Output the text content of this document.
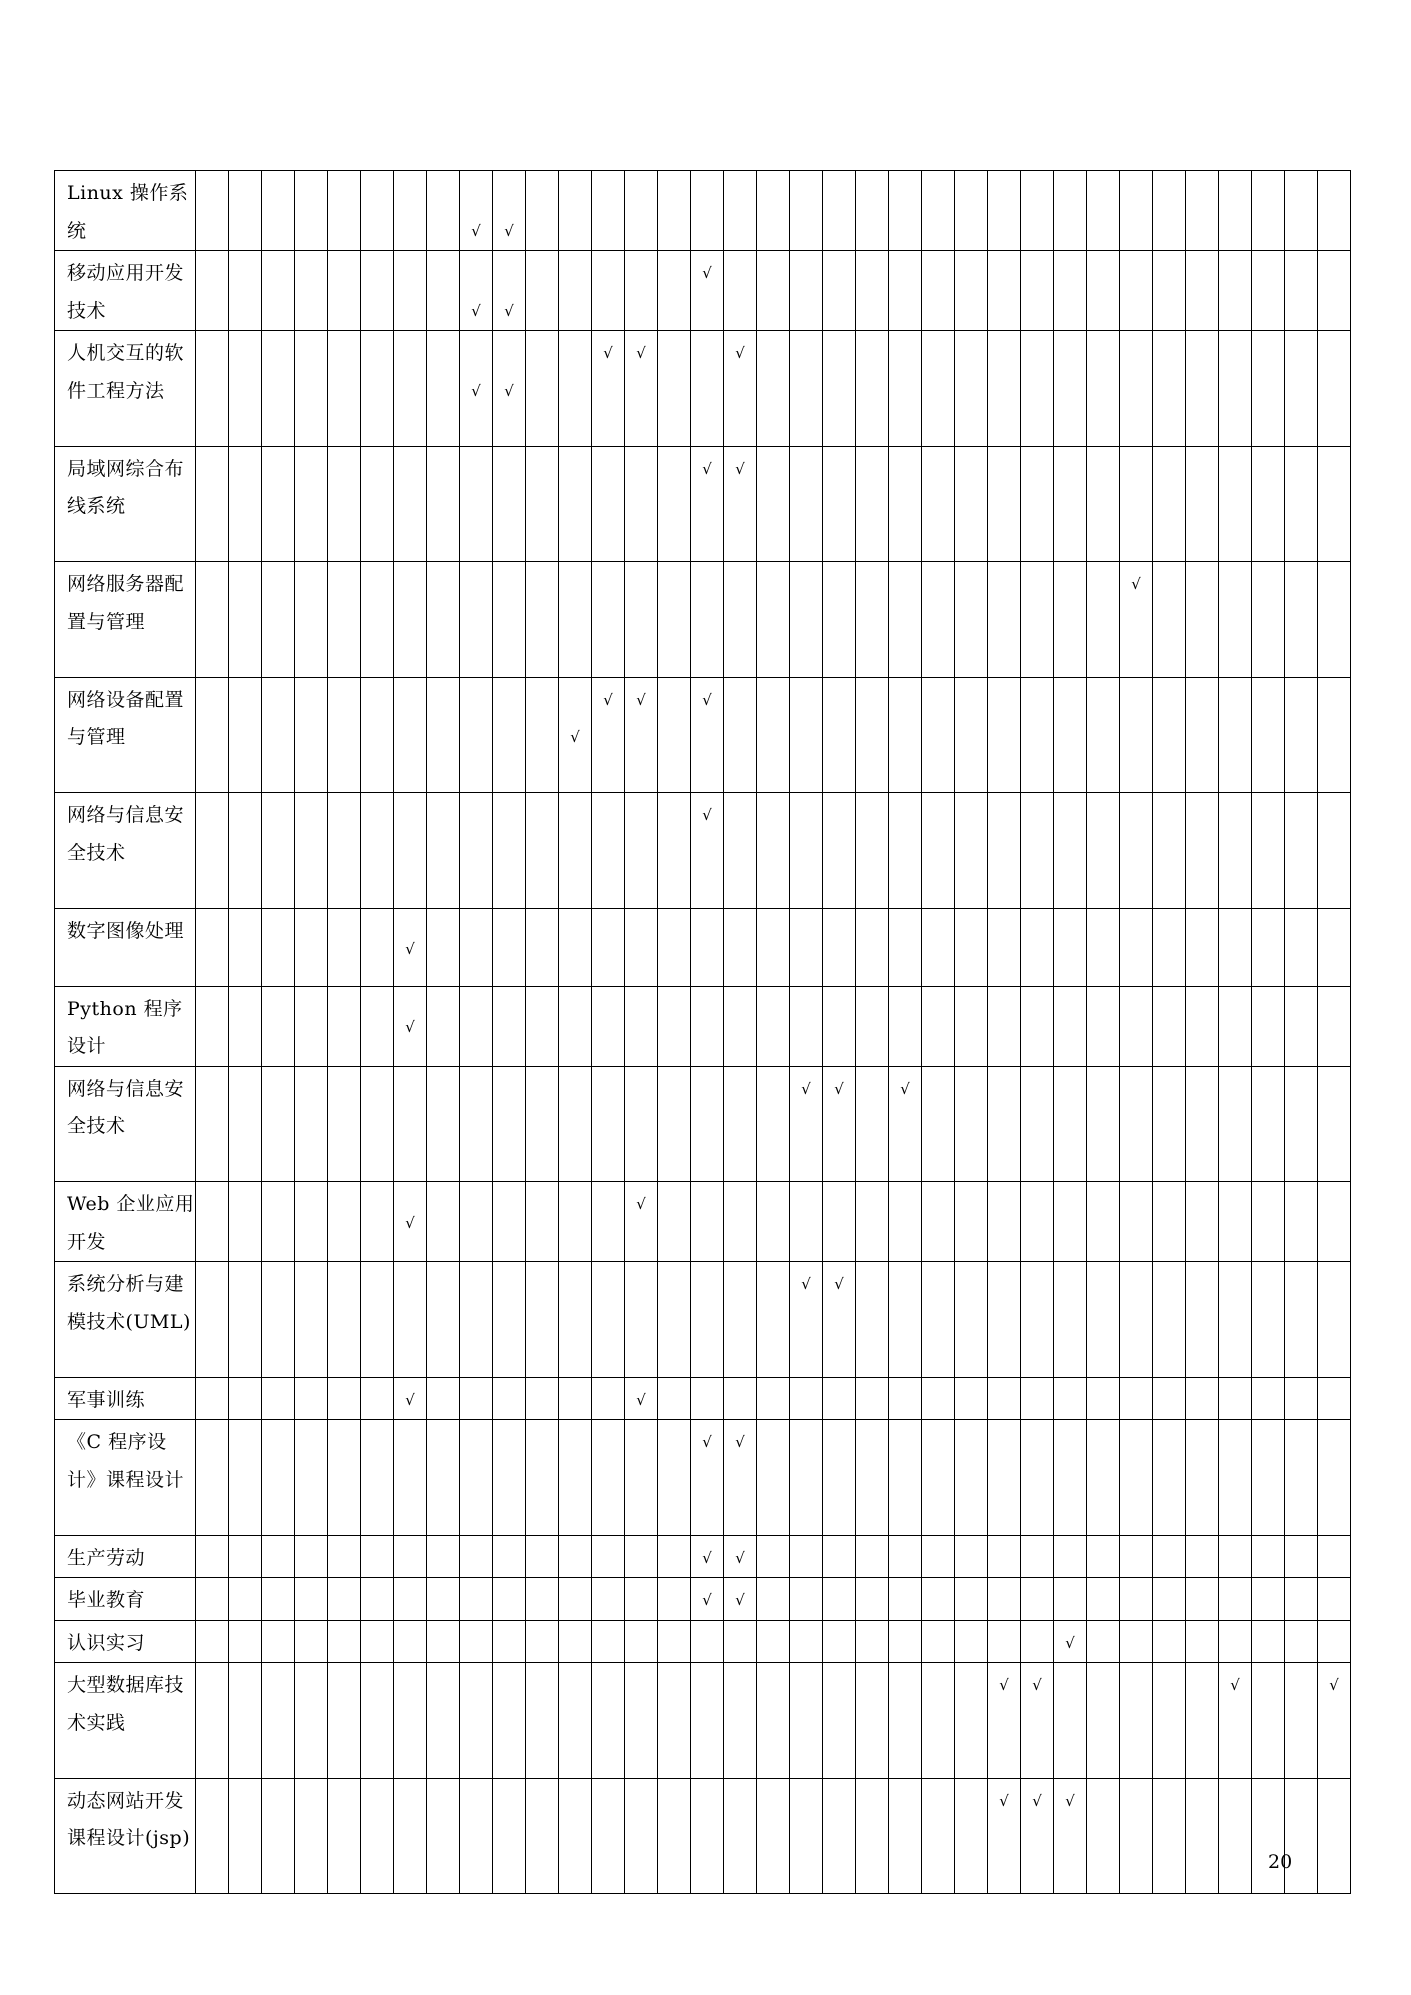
Linux 操作系统									√	√																									

移动应用开发技术									√	√						√																			

人机交互的软件工程方法									√	√			√	√			√																		

局域网综合布线系统																√	√																		

网络服务器配置与管理																													√						

网络设备配置与管理												√	√	√		√																			

网络与信息安全技术																√																			

数字图像处理							√																												

Python 程序设计							√																												

网络与信息安全技术																			√	√		√													

Web 企业应用开发							√							√																					

系统分析与建模技术(UML)																			√	√															

军事训练							√							√																					

《C 程序设计》课程设计																√	√																		

生产劳动																√	√																		

毕业教育																√	√																		

认识实习																											√								

大型数据库技术实践																									√	√						√			√

动态网站开发课程设计(jsp)																									√	√	√								

20
